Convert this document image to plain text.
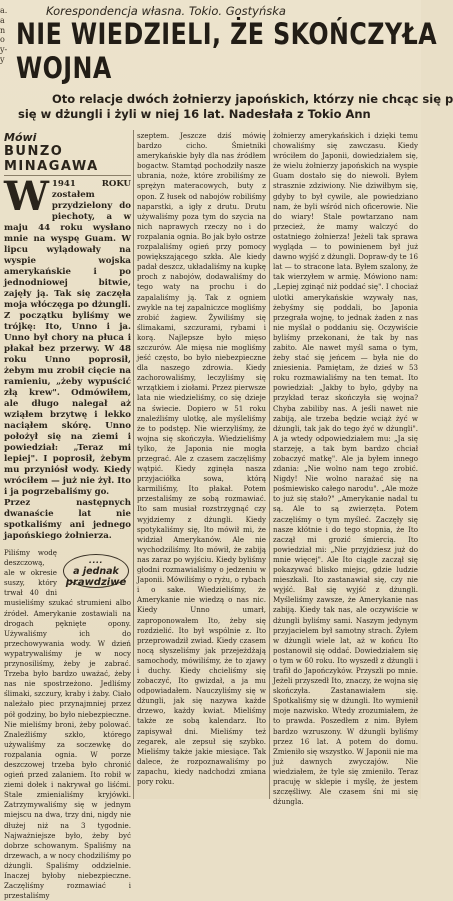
a.
a
n
o
y-
y
Korespondencja własna. Tokio. Gostyńska
NIE WIEDZIELI, ŻE SKOŃCZYŁA
WOJNA
Oto relacje dwóch żołnierzy japońskich, którzy nie chcąc się p
się w dżungli i żyli w niej 16 lat. Nadesłała z Tokio Ann
Mówi
BUNZO MINAGAWA

W 1941 ROKU zostałem przydzielony do piechoty, a w maju 44 roku wysłano mnie na wyspę Guam. W lipcu wylądowały na wyspie wojska amerykańskie i po jednodniowej bitwie, zajęły ją. Tak się zaczęła moja włóczęga po dżungli.

Z początku byliśmy we trójkę: Ito, Unno i ja. Unno był chory na płuca i płakał bez przerwy. W 48 roku Unno poprosił, żebym mu zrobił cięcie na ramieniu, „żeby wypuścić złą krew". Odmówiłem, ale długo nalegał aż wziąłem brzytwę i lekko naciąłem skórę. Unno położył się na ziemi i powiedział: „Teraz mi lepiej". I poprosił, żebym mu przyniósł wody. Kiedy wróciłem — już nie żył. Ito i ja pogrzebaliśmy go.

Przez następnych dwanaście lat nie spotkaliśmy ani jednego japońskiego żołnierza.

....
a jednak
prawdziwe
Piliśmy wodę deszczową, ale w okresie suszy, który trwał 40 dni musieliśmy szukać strumieni albo źródeł. Amerykanie zostawiali na drogach pęknięte opony. Używaliśmy ich do przechowywania wody. W dzień wypatrywaliśmy je w nocy przynosiliśmy, żeby je zabrać. Trzeba było bardzo uważać, żeby nas nie spostrzeżono. Jedliśmy ślimaki, szczury, kraby i żaby. Ciało należało piec przynajmniej przez pół godziny, bo było niebezpieczne. Nie mieliśmy broni, żeby polować. Znaleźliśmy szkło, którego używaliśmy za soczewkę do rozpalania ognia. W porze deszczowej trzeba było chronić ogień przed zalaniem. Ito robił w ziemi dołek i nakrywał go liśćmi. Stale zmienialiśmy kryjówki. Zatrzymywaliśmy się w jednym miejscu na dwa, trzy dni, nigdy nie dłużej niż na 3 tygodnie. Najważniejsze było, żeby być dobrze schowanym. Spaliśmy na drzewach, a w nocy chodziliśmy po dżungli. Spaliśmy oddzielnie. Inaczej byłoby niebezpieczne. Zaczęliśmy rozmawiać i przestaliśmy

szeptem. Jeszcze dziś mówię bardzo cicho. Śmietniki amerykańskie były dla nas źródłem bogactw. Stamtąd pochodziły nasze ubrania, noże, które zrobiliśmy ze sprężyn materacowych, buty z opon. Z łusek od nabojów robiliśmy naparstki, a igły z drutu. Drutu używaliśmy poza tym do szycia na nich naprawych rzeczy no i do rozpalania ognia. Bo jak było ostrze rozpalaliśmy ogień przy pomocy powiększającego szkła. Ale kiedy padał deszcz, układaliśmy na kupkę proch z nabojów, dodawaliśmy do tego waty na prochu i do zapalaliśmy ją. Tak z ogniem zwykle na tej zapalniczce mogliśmy zrobić żagiew. Żywiliśmy się ślimakami, szczurami, rybami i korą. Najlepsze było mięso szczurów. Ale mięsa nie mogliśmy jeść często, bo było niebezpieczne dla naszego zdrowia. Kiedy zachorowaliśmy, leczyliśmy się wrzątkiem i ziołami. Przez pierwsze lata nie wiedzieliśmy, co się dzieje na świecie. Dopiero w 51 roku znaleźliśmy ulotkę, ale myśleliśmy że to podstęp. Nie wierzyliśmy, że wojna się skończyła. Wiedzieliśmy tylko, że Japonia nie mogła przegrać. Ale z czasem zaczęliśmy wątpić. Kiedy zginęła nasza przyjaciółka sowa, którą karmiliśmy, Ito płakał. Potem przestaliśmy ze sobą rozmawiać. Ito sam musiał rozstrzygnąć czy wyjdziemy z dżungli. Kiedy spotykaliśmy się, Ito mówił mi, że widział Amerykanów. Ale nie wychodziliśmy. Ito mówił, że zabiją nas zaraz po wyjściu. Kiedy byliśmy głodni rozmawialiśmy o jedzeniu w Japonii. Mówiliśmy o ryżu, o rybach i o sake. Wiedzieliśmy, że Amerykanie nie wiedzą o nas nic. Kiedy Unno umarł, zaproponowałem Ito, żeby się rozdzielić. Ito był wspólnie z. Ito przeprowadził zwiad. Kiedy czasem nocą słyszeliśmy jak przejeżdżają samochody, mówiliśmy, że to zjawy i duchy. Kiedy chcieliśmy się zobaczyć, Ito gwizdał, a ja mu odpowiadałem. Nauczyliśmy się w dżungli, jak się nazywa każde drzewo, każdy kwiat. Mieliśmy także ze sobą kalendarz. Ito zapisywał dni. Mieliśmy też zegarek, ale zepsuł się szybko. Mieliśmy także jakie miesiące. Tak dalece, że rozpoznawaliśmy po zapachu, kiedy nadchodzi zmiana pory roku.

żołnierzy amerykańskich i dzięki temu chowaliśmy się zawczasu. Kiedy wróciłem do Japonii, dowiedziałem się, że wielu żołnierzy japońskich na wyspie Guam dostało się do niewoli. Byłem strasznie zdziwiony. Nie dziwiłbym się, gdyby to był cywile, ale powiedziano nam, że byli wśród nich oficerowie. Nie do wiary! Stale powtarzano nam przecież, że mamy walczyć do ostatniego żołnierza! Jeżeli tak sprawa wygląda — to powinienem był już dawno wyjść z dżungli. Dopraw-dy te 16 lat — to stracone lata. Byłem szalony, że tak wierzyłem w armię. Mówiono nam: „Lepiej zginąć niż poddać się". I chociaż ulotki amerykańskie wzywały nas, żebyśmy się poddali, bo Japonia przegrała wojnę, to jednak żaden z nas nie myślał o poddaniu się. Oczywiście byliśmy przekonani, że tak by nas zabito. Ale nawet myśl sama o tym, żeby stać się jeńcem — była nie do zniesienia. Pamiętam, że dzieś w 53 roku rozmawialiśmy na ten temat. Ito powiedział: „Jakby to było, gdyby na przykład teraz skończyła się wojna? Chyba zabiliby nas. A jeśli nawet nie zabiją, ale trzeba będzie wciąż żyć w dżungli, tak jak do tego żyć w dżungli". A ja wtedy odpowiedziałem mu: „Ja się starzeję, a tak bym bardzo chciał zobaczyć matkę". Ale ja byłem innego zdania: „Nie wolno nam tego zrobić. Nigdy! Nie wolno narażać się na pośmiewisko całego narodu". „Ale może to już się stało?" „Amerykanie nadal tu są. Ale to są zwierzęta. Potem zaczęliśmy o tym myśleć. Zaczęły się nasze kłótnie i do tego stopnia, że Ito zaczął mi grozić śmiercią. Ito powiedział mi: „Nie przyjdziesz już do mnie więcej". Ale Ito ciągle zaczął się pokazywać blisko miejsc, gdzie ludzie mieszkali. Ito zastanawiał się, czy nie wyjść. Bał się wyjść z dżungli. Myśleliśmy zawsze, że Amerykanie nas zabiją. Kiedy tak nas, ale oczywiście w dżungli byliśmy sami. Naszym jedynym przyjacielem był samotny strach. Żyłem w dżungli wiele lat, aż w końcu Ito postanowił się oddać. Dowiedziałem się o tym w 60 roku. Ito wyszedł z dżungli i trafił do Japończyków. Przyszli po mnie. Jeżeli przyszedł Ito, znaczy, że wojna się skończyła. Zastanawiałem się. Spotkaliśmy się w dżungli. Ito wymienił moje nazwisko. Wtedy zrozumiałem, że to prawda. Poszedłem z nim. Byłem bardzo wzruszony. W dżungli byliśmy przez 16 lat. A potem do domu. Zmieniło się wszystko. W Japonii nie ma już dawnych zwyczajów. Nie wiedziałem, że tyle się zmieniło. Teraz pracuję w sklepie i myślę, że jestem szczęśliwy. Ale czasem śni mi się dżungla.
